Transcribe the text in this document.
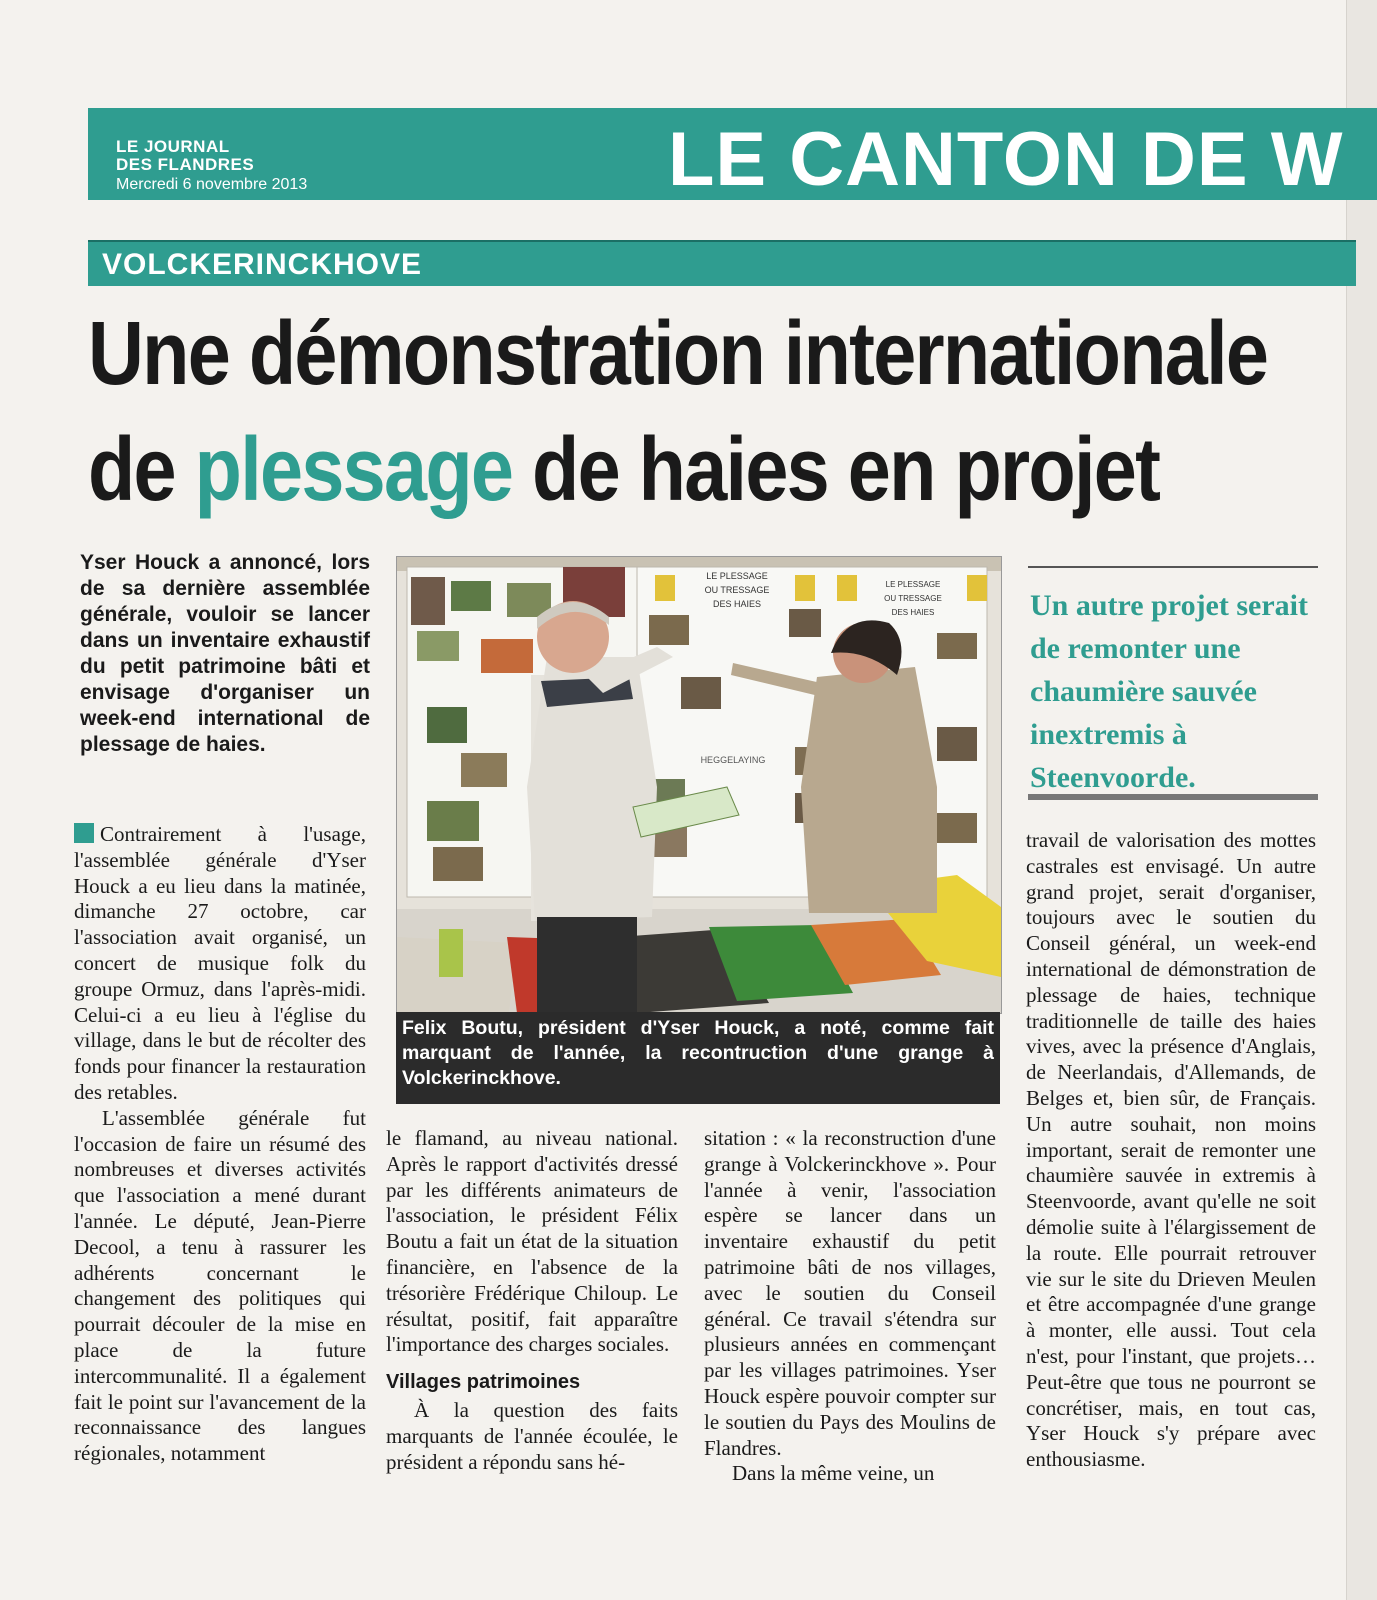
LE JOURNAL
DES FLANDRES
Mercredi 6 novembre 2013	LE CANTON DE W
VOLCKERINCKHOVE
Une démonstration internationale
de plessage de haies en projet

Yser Houck a annoncé, lors de sa dernière assemblée générale, vouloir se lancer dans un inventaire exhaustif du petit patrimoine bâti et envisage d'organiser un week-end international de plessage de haies.

Contrairement à l'usage, l'assemblée générale d'Yser Houck a eu lieu dans la matinée, dimanche 27 octobre, car l'association avait organisé, un concert de musique folk du groupe Ormuz, dans l'après-midi. Celui-ci a eu lieu à l'église du village, dans le but de récolter des fonds pour financer la restauration des retables.

L'assemblée générale fut l'occasion de faire un résumé des nombreuses et diverses activités que l'association a mené durant l'année. Le député, Jean-Pierre Decool, a tenu à rassurer les adhérents concernant le changement des politiques qui pourrait découler de la mise en place de la future intercommunalité. Il a également fait le point sur l'avancement de la reconnaissance des langues régionales, notamment

LE PLESSAGE
OU TRESSAGE
DES HAIES
LE PLESSAGE
OU TRESSAGE
DES HAIES
HEGGELAYING
Felix Boutu, président d'Yser Houck, a noté, comme fait marquant de l'année, la recontruction d'une grange à Volckerinckhove.

Un autre projet serait de remonter une chaumière sauvée inextremis à Steenvoorde.

le flamand, au niveau national. Après le rapport d'activités dressé par les différents animateurs de l'association, le président Félix Boutu a fait un état de la situation financière, en l'absence de la trésorière Frédérique Chiloup. Le résultat, positif, fait apparaître l'importance des charges sociales.

Villages patrimoines

À la question des faits marquants de l'année écoulée, le président a répondu sans hé-

sitation : « la reconstruction d'une grange à Volckerinckhove ». Pour l'année à venir, l'association espère se lancer dans un inventaire exhaustif du petit patrimoine bâti de nos villages, avec le soutien du Conseil général. Ce travail s'étendra sur plusieurs années en commençant par les villages patrimoines. Yser Houck espère pouvoir compter sur le soutien du Pays des Moulins de Flandres.

Dans la même veine, un

travail de valorisation des mottes castrales est envisagé. Un autre grand projet, serait d'organiser, toujours avec le soutien du Conseil général, un week-end international de démonstration de plessage de haies, technique traditionnelle de taille des haies vives, avec la présence d'Anglais, de Neerlandais, d'Allemands, de Belges et, bien sûr, de Français. Un autre souhait, non moins important, serait de remonter une chaumière sauvée in extremis à Steenvoorde, avant qu'elle ne soit démolie suite à l'élargissement de la route. Elle pourrait retrouver vie sur le site du Drieven Meulen et être accompagnée d'une grange à monter, elle aussi. Tout cela n'est, pour l'instant, que projets… Peut-être que tous ne pourront se concrétiser, mais, en tout cas, Yser Houck s'y prépare avec enthousiasme.
